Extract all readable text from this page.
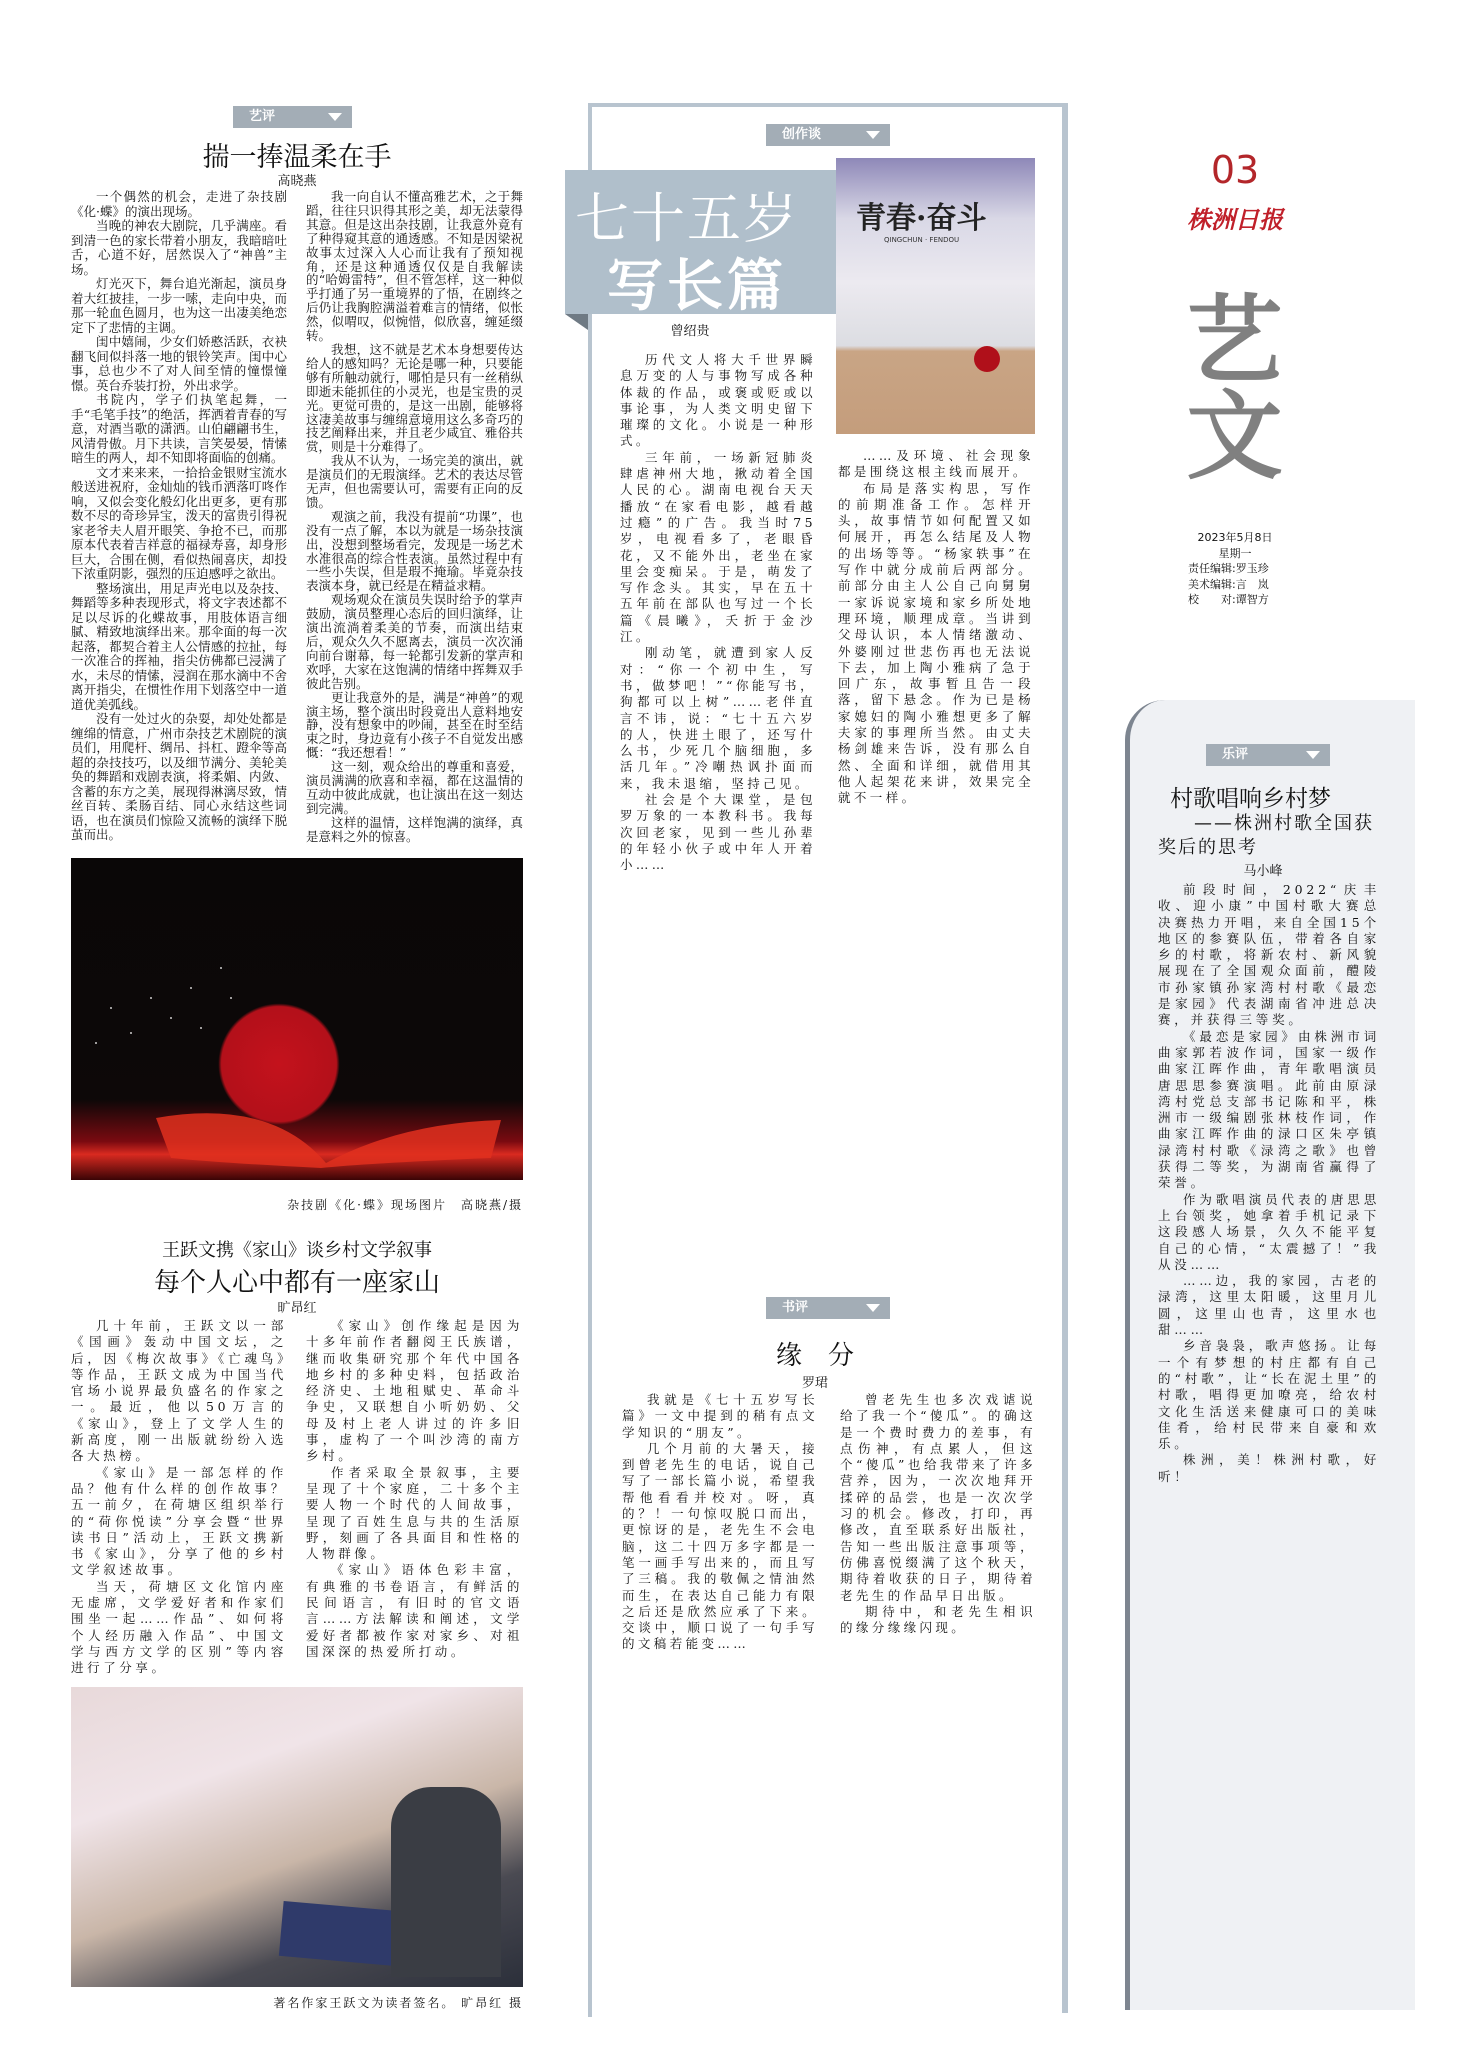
艺评
揣一捧温柔在手
高晓燕

一个偶然的机会，走进了杂技剧《化·蝶》的演出现场。

当晚的神农大剧院，几乎满座。看到清一色的家长带着小朋友，我暗暗吐舌，心道不好，居然误入了“神兽”主场。

灯光灭下，舞台追光渐起，演员身着大红披挂，一步一嗦，走向中央，而那一轮血色圆月，也为这一出凄美绝恋定下了悲情的主调。

闺中嬉闹，少女们娇憨活跃，衣袂翻飞间似抖落一地的银铃笑声。闺中心事，总也少不了对人间至情的憧憬憧憬。英台乔装打扮，外出求学。

书院内，学子们执笔起舞，一手“毛笔手技”的绝活，挥洒着青春的写意，对酒当歌的潇洒。山伯翩翩书生，风清骨傲。月下共读，言笑晏晏，情愫暗生的两人，却不知即将面临的创痛。

文才来来来，一拾拾金银财宝流水般送进祝府，金灿灿的钱币洒落叮咚作响，又似会变化般幻化出更多，更有那数不尽的奇珍异宝，泼天的富贵引得祝家老爷夫人眉开眼笑、争抢不已，而那原本代表着吉祥意的福禄寿喜，却身形巨大，合围在侧，看似热闹喜庆，却投下浓重阴影，强烈的压迫感呼之欲出。

整场演出，用足声光电以及杂技、舞蹈等多种表现形式，将文字表述都不足以尽诉的化蝶故事，用肢体语言细腻、精致地演绎出来。那伞面的每一次起落，都契合着主人公情感的拉扯，每一次准合的挥袖，指尖仿佛都已浸满了水，未尽的情愫，浸润在那水滴中不舍离开指尖，在惯性作用下划落空中一道道优美弧线。

没有一处过火的杂耍，却处处都是缠绵的情意，广州市杂技艺术剧院的演员们，用爬杆、绸吊、抖杠、蹬伞等高超的杂技技巧，以及细节满分、美轮美奂的舞蹈和戏剧表演，将柔媚、内敛、含蓄的东方之美，展现得淋漓尽致，情丝百转、柔肠百结、同心永结这些词语，也在演员们惊险又流畅的演绎下脱茧而出。

我一向自认不懂高雅艺术，之于舞蹈，往往只识得其形之美，却无法蒙得其意。但是这出杂技剧，让我意外竟有了种得窥其意的通透感。不知是因梁祝故事太过深入人心而让我有了预知视角，还是这种通透仅仅是自我解读的“哈姆雷特”，但不管怎样，这一种似乎打通了另一重境界的了悟，在剧终之后仍让我胸腔满溢着难言的情绪，似怅然，似喟叹，似惋惜，似欣喜，缠延缀转。

我想，这不就是艺术本身想要传达给人的感知吗？无论是哪一种，只要能够有所触动就行，哪怕是只有一丝稍纵即逝未能抓住的小灵光，也是宝贵的灵光。更觉可贵的，是这一出剧，能够将这凄美故事与缠绵意境用这么多奇巧的技艺阐释出来，并且老少咸宜、雅俗共赏，则是十分难得了。

我从不认为，一场完美的演出，就是演员们的无瑕演绎。艺术的表达尽管无声，但也需要认可，需要有正向的反馈。

观演之前，我没有提前“功课”，也没有一点了解，本以为就是一场杂技演出，没想到整场看完，发现是一场艺术水准很高的综合性表演。虽然过程中有一些小失误，但是瑕不掩瑜。毕竟杂技表演本身，就已经是在精益求精。

观场观众在演员失误时给予的掌声鼓励，演员整理心态后的回归演绎，让演出流淌着柔美的节奏，而演出结束后，观众久久不愿离去，演员一次次涌向前台谢幕，每一轮都引发新的掌声和欢呼，大家在这饱满的情绪中挥舞双手彼此告别。

更让我意外的是，满是“神兽”的观演主场，整个演出时段竟出人意料地安静，没有想象中的吵闹，甚至在时至结束之时，身边竟有小孩子不自觉发出感慨：“我还想看！”

这一刻，观众给出的尊重和喜爱，演员满满的欣喜和幸福，都在这温情的互动中彼此成就，也让演出在这一刻达到完满。

这样的温情，这样饱满的演绎，真是意料之外的惊喜。

杂技剧《化·蝶》现场图片　高晓燕/摄
王跃文携《家山》谈乡村文学叙事
每个人心中都有一座家山
旷昂红

几十年前，王跃文以一部《国画》轰动中国文坛，之后，因《梅次故事》《亡魂鸟》等作品，王跃文成为中国当代官场小说界最负盛名的作家之一。最近，他以50万言的《家山》，登上了文学人生的新高度，刚一出版就纷纷入选各大热榜。

《家山》是一部怎样的作品？他有什么样的创作故事？五一前夕，在荷塘区组织举行的“荷你悦读”分享会暨“世界读书日”活动上，王跃文携新书《家山》，分享了他的乡村文学叙述故事。

当天，荷塘区文化馆内座无虚席，文学爱好者和作家们围坐一起……作品”、如何将个人经历融入作品”、中国文学与西方文学的区别”等内容进行了分享。

《家山》创作缘起是因为十多年前作者翻阅王氏族谱，继而收集研究那个年代中国各地乡村的多种史料，包括政治经济史、土地租赋史、革命斗争史，又联想自小听奶奶、父母及村上老人讲过的许多旧事，虚构了一个叫沙湾的南方乡村。

作者采取全景叙事，主要呈现了十个家庭，二十多个主要人物一个时代的人间故事，呈现了百姓生息与共的生活原野，刻画了各具面目和性格的人物群像。

《家山》语体色彩丰富，有典雅的书卷语言，有鲜活的民间语言，有旧时的官文语言……方法解读和阐述，文学爱好者都被作家对家乡、对祖国深深的热爱所打动。

著名作家王跃文为读者签名。 旷昂红 摄
创作谈
七十五岁
写长篇
青春·奋斗
QINGCHUN · FENDOU
曾绍贵

历代文人将大千世界瞬息万变的人与事物写成各种体裁的作品，或褒或贬或以事论事，为人类文明史留下璀璨的文化。小说是一种形式。

三年前，一场新冠肺炎肆虐神州大地，揪动着全国人民的心。湖南电视台天天播放“在家看电影，越看越过瘾”的广告。我当时75岁，电视看多了，老眼昏花，又不能外出，老坐在家里会变痴呆。于是，萌发了写作念头。其实，早在五十五年前在部队也写过一个长篇《晨曦》，夭折于金沙江。

刚动笔，就遭到家人反对：“你一个初中生，写书，做梦吧！”“你能写书，狗都可以上树”……老伴直言不讳，说：“七十五六岁的人，快进土眼了，还写什么书，少死几个脑细胞，多活几年。”冷嘲热讽扑面而来，我未退缩，坚持己见。

社会是个大课堂，是包罗万象的一本教科书。我每次回老家，见到一些儿孙辈的年轻小伙子或中年人开着小……

……及环境、社会现象都是围绕这根主线而展开。

布局是落实构思，写作的前期准备工作。怎样开头，故事情节如何配置又如何展开，再怎么结尾及人物的出场等等。“杨家轶事”在写作中就分成前后两部分。前部分由主人公自己向舅舅一家诉说家境和家乡所处地理环境，顺理成章。当讲到父母认识，本人情绪激动、外婆刚过世悲伤再也无法说下去，加上陶小雅病了急于回广东，故事暂且告一段落，留下悬念。作为已是杨家媳妇的陶小雅想更多了解夫家的事理所当然。由丈夫杨剑雄来告诉，没有那么自然、全面和详细，就借用其他人起架花来讲，效果完全就不一样。

书评
缘　分
罗珺

我就是《七十五岁写长篇》一文中提到的稍有点文学知识的“朋友”。

几个月前的大暑天，接到曾老先生的电话，说自己写了一部长篇小说，希望我帮他看看并校对。呀，真的？！一句惊叹脱口而出，更惊讶的是，老先生不会电脑，这二十四万多字都是一笔一画手写出来的，而且写了三稿。我的敬佩之情油然而生，在表达自己能力有限之后还是欣然应承了下来。交谈中，顺口说了一句手写的文稿若能变……

曾老先生也多次戏谑说给了我一个“傻瓜”。的确这是一个费时费力的差事，有点伤神，有点累人，但这个“傻瓜”也给我带来了许多营养，因为，一次次地拜开揉碎的品尝，也是一次次学习的机会。修改，打印，再修改，直至联系好出版社，告知一些出版注意事项等，仿佛喜悦缀满了这个秋天，期待着收获的日子，期待着老先生的作品早日出版。

期待中，和老先生相识的缘分缘缘闪现。

03
株洲日报
艺文
2023年5月8日
星期一
责任编辑:罗玉珍
美术编辑:言　岚
校　　对:谭智方
乐评
村歌唱响乡村梦
——株洲村歌全国获奖后的思考
马小峰

前段时间，2022“庆丰收、迎小康”中国村歌大赛总决赛热力开唱，来自全国15个地区的参赛队伍，带着各自家乡的村歌，将新农村、新风貌展现在了全国观众面前，醴陵市孙家镇孙家湾村村歌《最恋是家园》代表湖南省冲进总决赛，并获得三等奖。

《最恋是家园》由株洲市词曲家郭若波作词，国家一级作曲家江晖作曲，青年歌唱演员唐思思参赛演唱。此前由原渌湾村党总支部书记陈和平，株洲市一级编剧张林枝作词，作曲家江晖作曲的渌口区朱亭镇渌湾村村歌《渌湾之歌》也曾获得二等奖，为湖南省赢得了荣誉。

作为歌唱演员代表的唐思思上台领奖，她拿着手机记录下这段感人场景，久久不能平复自己的心情，“太震撼了！”我从没……

……边，我的家园，古老的渌湾，这里太阳暖，这里月儿圆，这里山也青，这里水也甜……

乡音袅袅，歌声悠扬。让每一个有梦想的村庄都有自己的“村歌”，让“长在泥土里”的村歌，唱得更加嘹亮，给农村文化生活送来健康可口的美味佳肴，给村民带来自豪和欢乐。

株洲，美！株洲村歌，好听！
